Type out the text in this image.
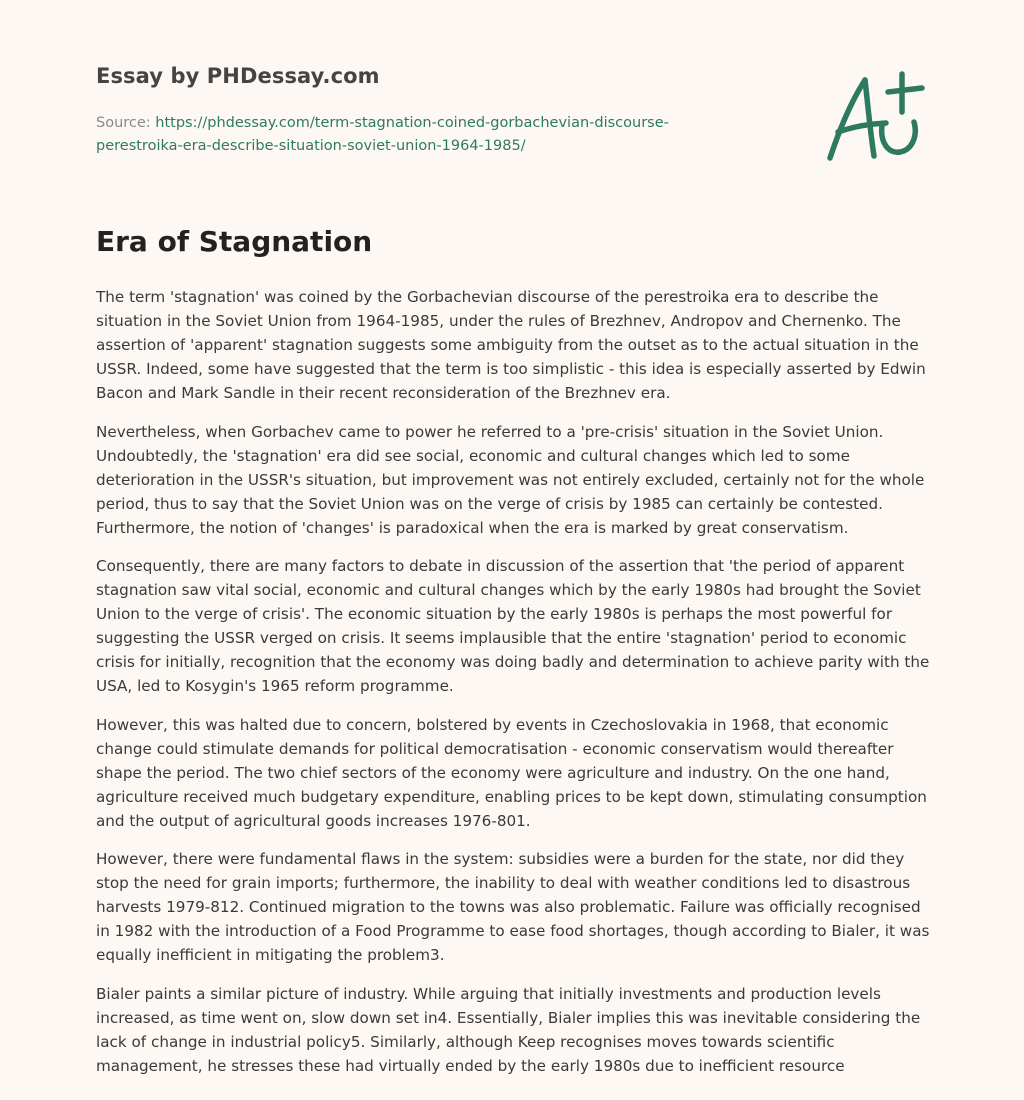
Essay by PHDessay.com
Source: https://phdessay.com/term-stagnation-coined-gorbachevian-discourse-
perestroika-era-describe-situation-soviet-union-1964-1985/
Era of Stagnation

The term 'stagnation' was coined by the Gorbachevian discourse of the perestroika era to describe the situation in the Soviet Union from 1964-1985, under the rules of Brezhnev, Andropov and Chernenko. The assertion of 'apparent' stagnation suggests some ambiguity from the outset as to the actual situation in the USSR. Indeed, some have suggested that the term is too simplistic - this idea is especially asserted by Edwin Bacon and Mark Sandle in their recent reconsideration of the Brezhnev era.

Nevertheless, when Gorbachev came to power he referred to a 'pre-crisis' situation in the Soviet Union. Undoubtedly, the 'stagnation' era did see social, economic and cultural changes which led to some deterioration in the USSR's situation, but improvement was not entirely excluded, certainly not for the whole period, thus to say that the Soviet Union was on the verge of crisis by 1985 can certainly be contested. Furthermore, the notion of 'changes' is paradoxical when the era is marked by great conservatism.

Consequently, there are many factors to debate in discussion of the assertion that 'the period of apparent stagnation saw vital social, economic and cultural changes which by the early 1980s had brought the Soviet Union to the verge of crisis'. The economic situation by the early 1980s is perhaps the most powerful for suggesting the USSR verged on crisis. It seems implausible that the entire 'stagnation' period to economic crisis for initially, recognition that the economy was doing badly and determination to achieve parity with the USA, led to Kosygin's 1965 reform programme.

However, this was halted due to concern, bolstered by events in Czechoslovakia in 1968, that economic change could stimulate demands for political democratisation - economic conservatism would thereafter shape the period. The two chief sectors of the economy were agriculture and industry. On the one hand, agriculture received much budgetary expenditure, enabling prices to be kept down, stimulating consumption and the output of agricultural goods increases 1976-801.

However, there were fundamental flaws in the system: subsidies were a burden for the state, nor did they stop the need for grain imports; furthermore, the inability to deal with weather conditions led to disastrous harvests 1979-812. Continued migration to the towns was also problematic. Failure was officially recognised in 1982 with the introduction of a Food Programme to ease food shortages, though according to Bialer, it was equally inefficient in mitigating the problem3.

Bialer paints a similar picture of industry. While arguing that initially investments and production levels increased, as time went on, slow down set in4. Essentially, Bialer implies this was inevitable considering the lack of change in industrial policy5. Similarly, although Keep recognises moves towards scientific management, he stresses these had virtually ended by the early 1980s due to inefficient resource
